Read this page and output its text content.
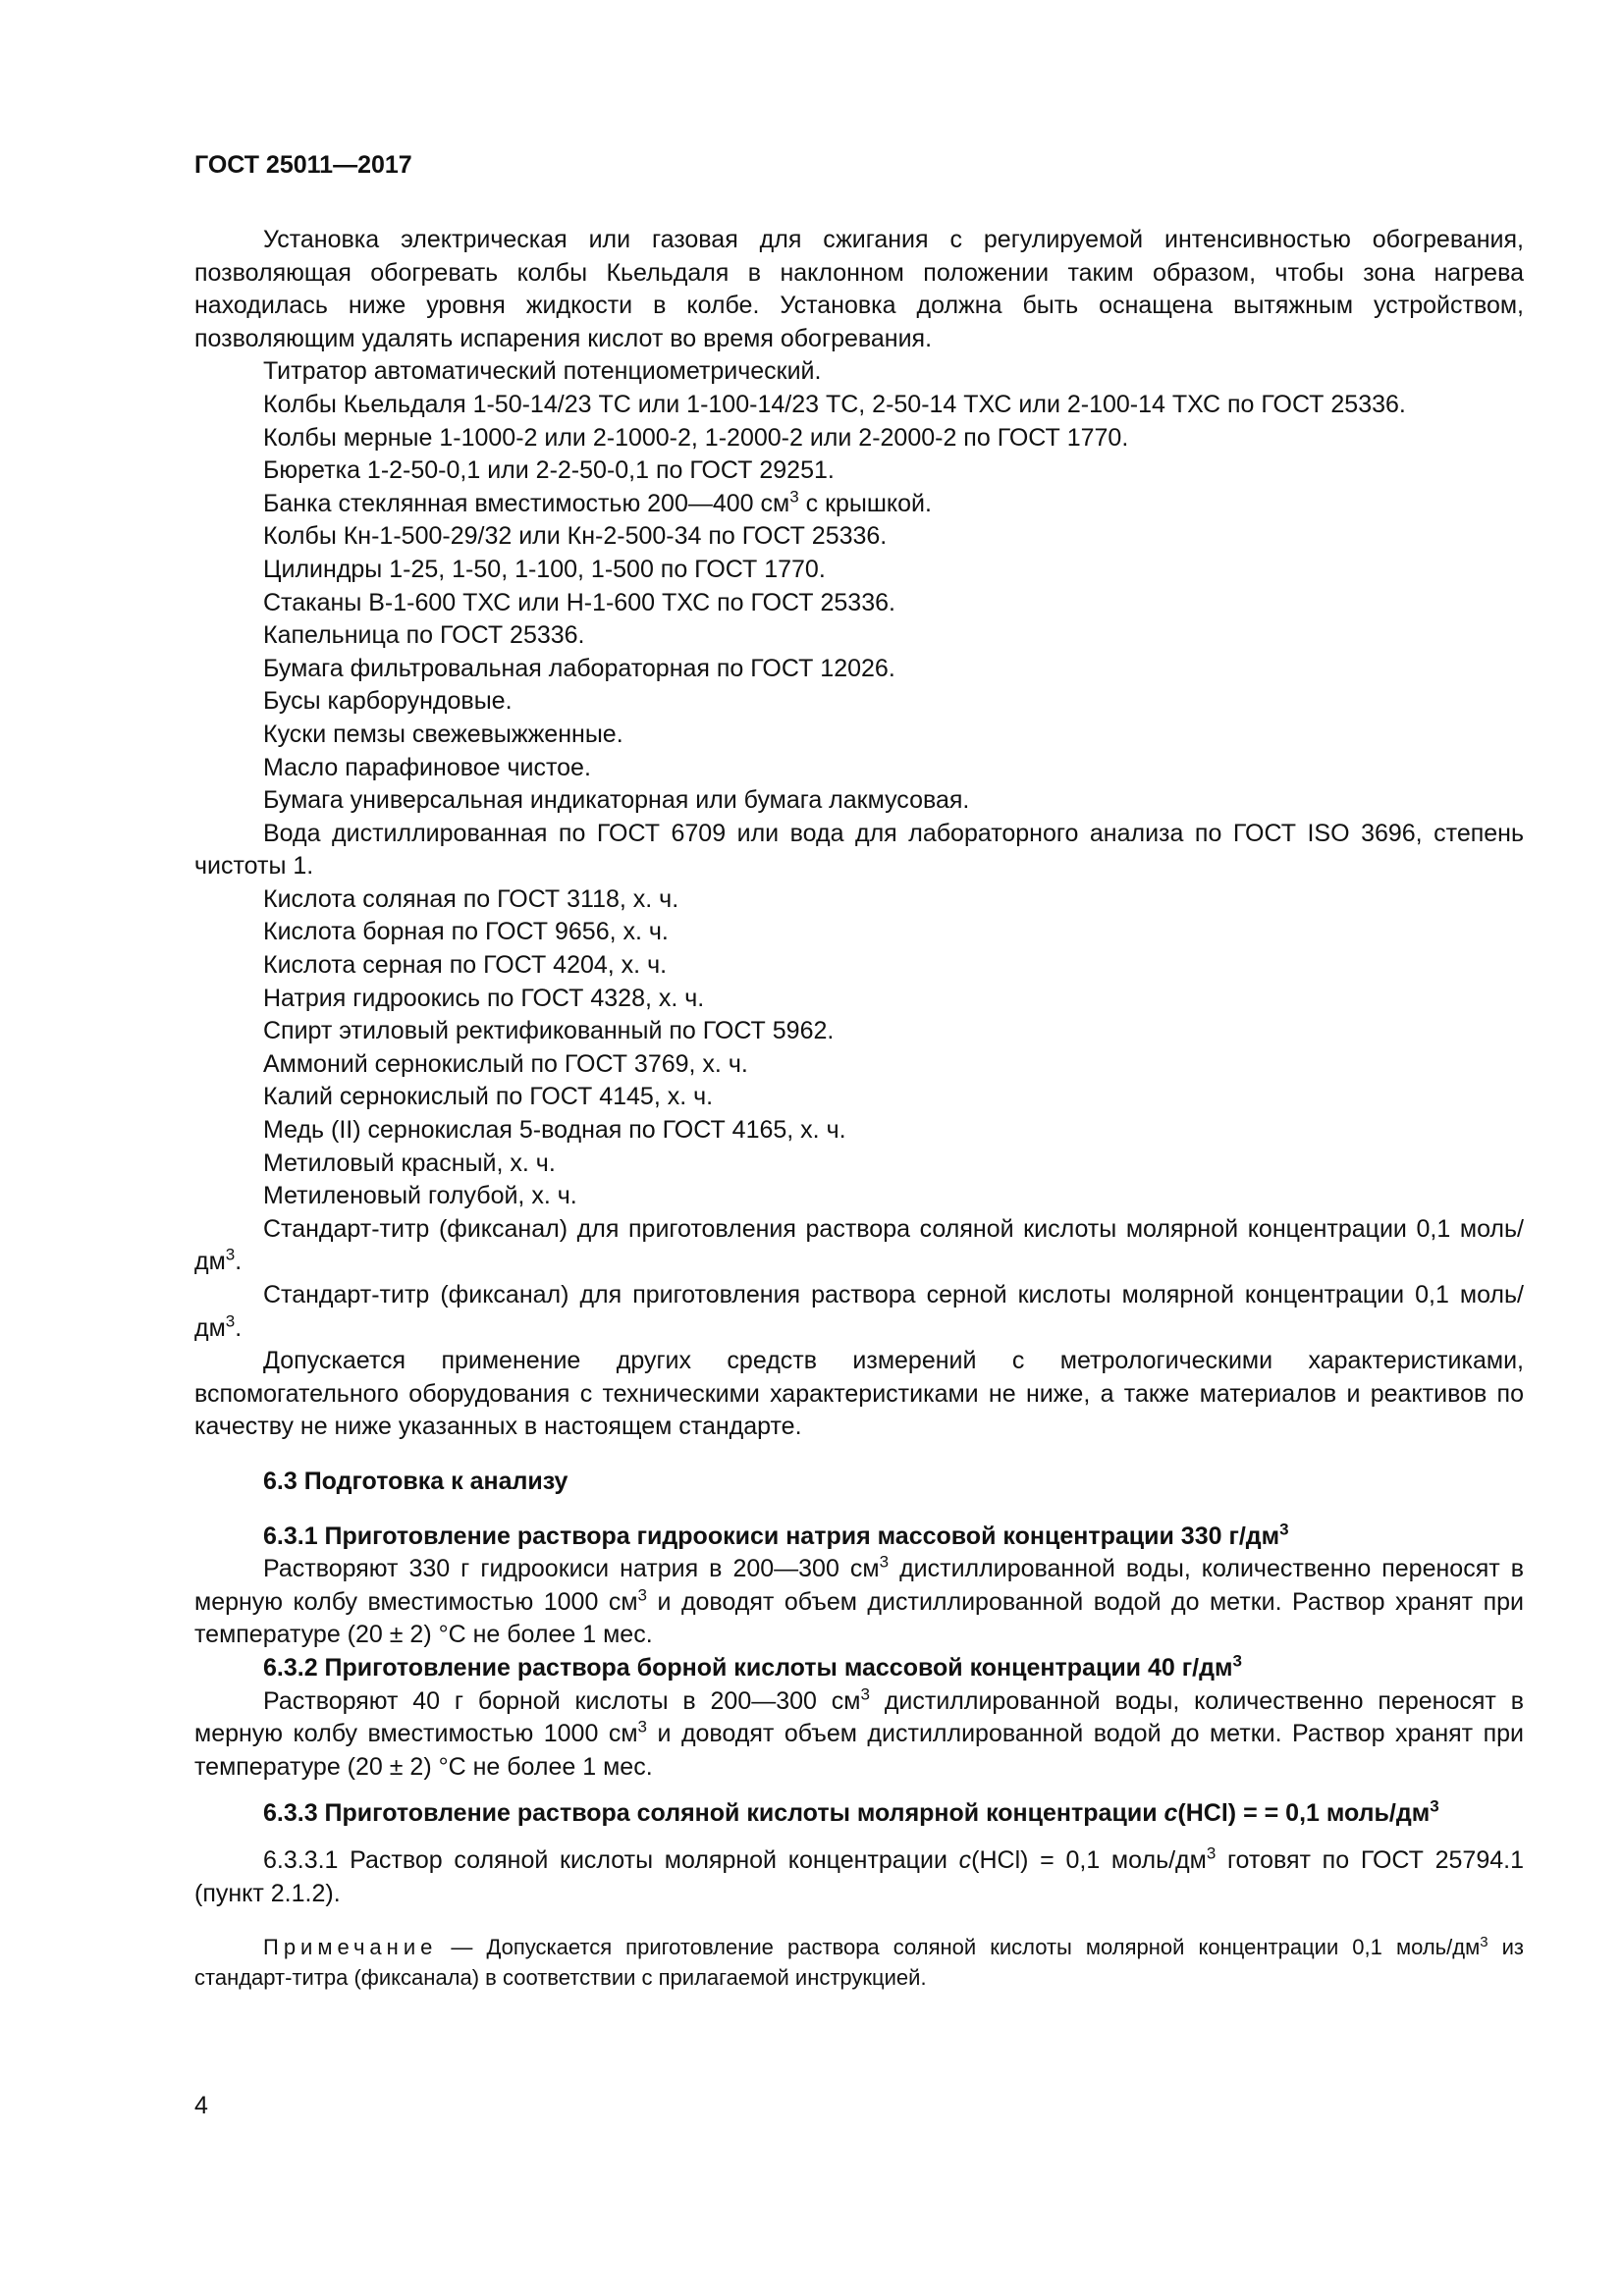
ГОСТ 25011—2017

Установка электрическая или газовая для сжигания с регулируемой интенсивностью обогревания, позволяющая обогревать колбы Кьельдаля в наклонном положении таким образом, чтобы зона нагрева находилась ниже уровня жидкости в колбе. Установка должна быть оснащена вытяжным устройством, позволяющим удалять испарения кислот во время обогревания.

Титратор автоматический потенциометрический.

Колбы Кьельдаля 1-50-14/23 ТС или 1-100-14/23 ТС, 2-50-14 ТХС или 2-100-14 ТХС по ГОСТ 25336.

Колбы мерные 1-1000-2 или 2-1000-2, 1-2000-2 или 2-2000-2 по ГОСТ 1770.

Бюретка 1-2-50-0,1 или 2-2-50-0,1 по ГОСТ 29251.

Банка стеклянная вместимостью 200—400 $см^3$ с крышкой.

Колбы Кн-1-500-29/32 или Кн-2-500-34 по ГОСТ 25336.

Цилиндры 1-25, 1-50, 1-100, 1-500 по ГОСТ 1770.

Стаканы В-1-600 ТХС или Н-1-600 ТХС по ГОСТ 25336.

Капельница по ГОСТ 25336.

Бумага фильтровальная лабораторная по ГОСТ 12026.

Бусы карборундовые.

Куски пемзы свежевыжженные.

Масло парафиновое чистое.

Бумага универсальная индикаторная или бумага лакмусовая.

Вода дистиллированная по ГОСТ 6709 или вода для лабораторного анализа по ГОСТ ISO 3696, степень чистоты 1.

Кислота соляная по ГОСТ 3118, х. ч.

Кислота борная по ГОСТ 9656, х. ч.

Кислота серная по ГОСТ 4204, х. ч.

Натрия гидроокись по ГОСТ 4328, х. ч.

Спирт этиловый ректификованный по ГОСТ 5962.

Аммоний сернокислый по ГОСТ 3769, х. ч.

Калий сернокислый по ГОСТ 4145, х. ч.

Медь (II) сернокислая 5-водная по ГОСТ 4165, х. ч.

Метиловый красный, х. ч.

Метиленовый голубой, х. ч.

Стандарт-титр (фиксанал) для приготовления раствора соляной кислоты молярной концентрации 0,1 моль/$дм^3$.

Стандарт-титр (фиксанал) для приготовления раствора серной кислоты молярной концентрации 0,1 моль/$дм^3$.

Допускается применение других средств измерений с метрологическими характеристиками, вспомогательного оборудования с техническими характеристиками не ниже, а также материалов и реактивов по качеству не ниже указанных в настоящем стандарте.

6.3 Подготовка к анализу

6.3.1 Приготовление раствора гидроокиси натрия массовой концентрации 330 $г/дм^3$

Растворяют 330 г гидроокиси натрия в 200—300 $см^3$ дистиллированной воды, количественно переносят в мерную колбу вместимостью 1000 $см^3$ и доводят объем дистиллированной водой до метки. Раствор хранят при температуре (20 ± 2) °С не более 1 мес.

6.3.2 Приготовление раствора борной кислоты массовой концентрации 40 $г/дм^3$

Растворяют 40 г борной кислоты в 200—300 $см^3$ дистиллированной воды, количественно переносят в мерную колбу вместимостью 1000 $см^3$ и доводят объем дистиллированной водой до метки. Раствор хранят при температуре (20 ± 2) °С не более 1 мес.

6.3.3 Приготовление раствора соляной кислоты молярной концентрации c(HCl) = = 0,1 моль/$дм^3$

6.3.3.1 Раствор соляной кислоты молярной концентрации c(HCl) = 0,1 моль/$дм^3$ готовят по ГОСТ 25794.1 (пункт 2.1.2).

Примечание — Допускается приготовление раствора соляной кислоты молярной концентрации 0,1 моль/$дм^3$ из стандарт-титра (фиксанала) в соответствии с прилагаемой инструкцией.

4
